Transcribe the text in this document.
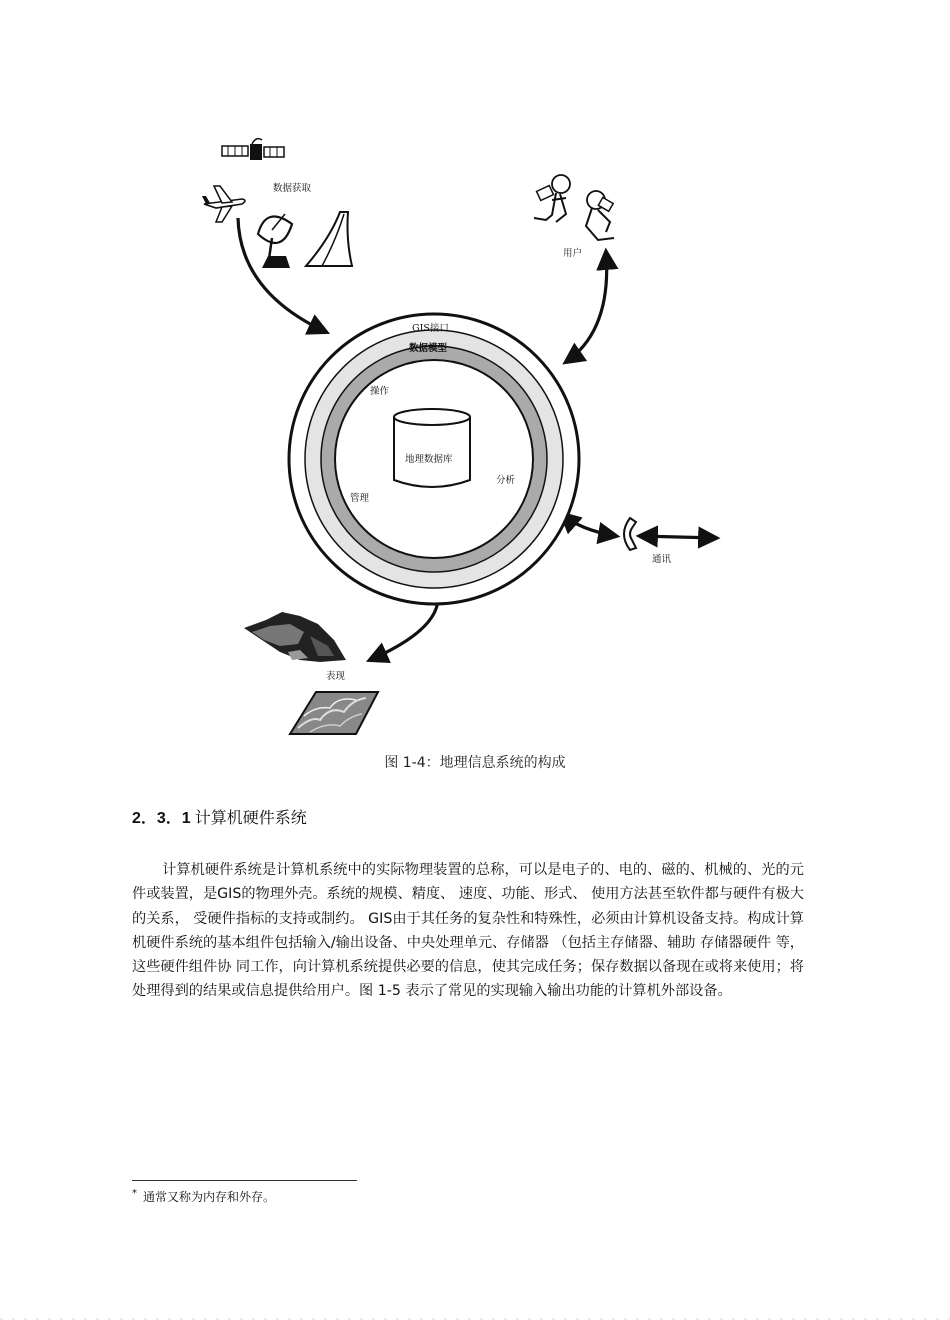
数据获取
用户
通讯
GIS接口
数据模型
操作
分析
管理
地理数据库
表现
图 1-4：地理信息系统的构成
2．3．1 计算机硬件系统
计算机硬件系统是计算机系统中的实际物理装置的总称，可以是电子的、电的、磁的、机械的、光的元件或装置，是GIS的物理外壳。系统的规模、精度、 速度、功能、形式、 使用方法甚至软件都与硬件有极大的关系， 受硬件指标的支持或制约。 GIS由于其任务的复杂性和特殊性，必须由计算机设备支持。构成计算机硬件系统的基本组件包括输入/输出设备、中央处理单元、存储器 （包括主存储器、辅助 存储器硬件 等，这些硬件组件协 同工作，向计算机系统提供必要的信息，使其完成任务；保存数据以备现在或将来使用；将处理得到的结果或信息提供给用户。图 1-5 表示了常见的实现输入输出功能的计算机外部设备。
* 通常又称为内存和外存。
